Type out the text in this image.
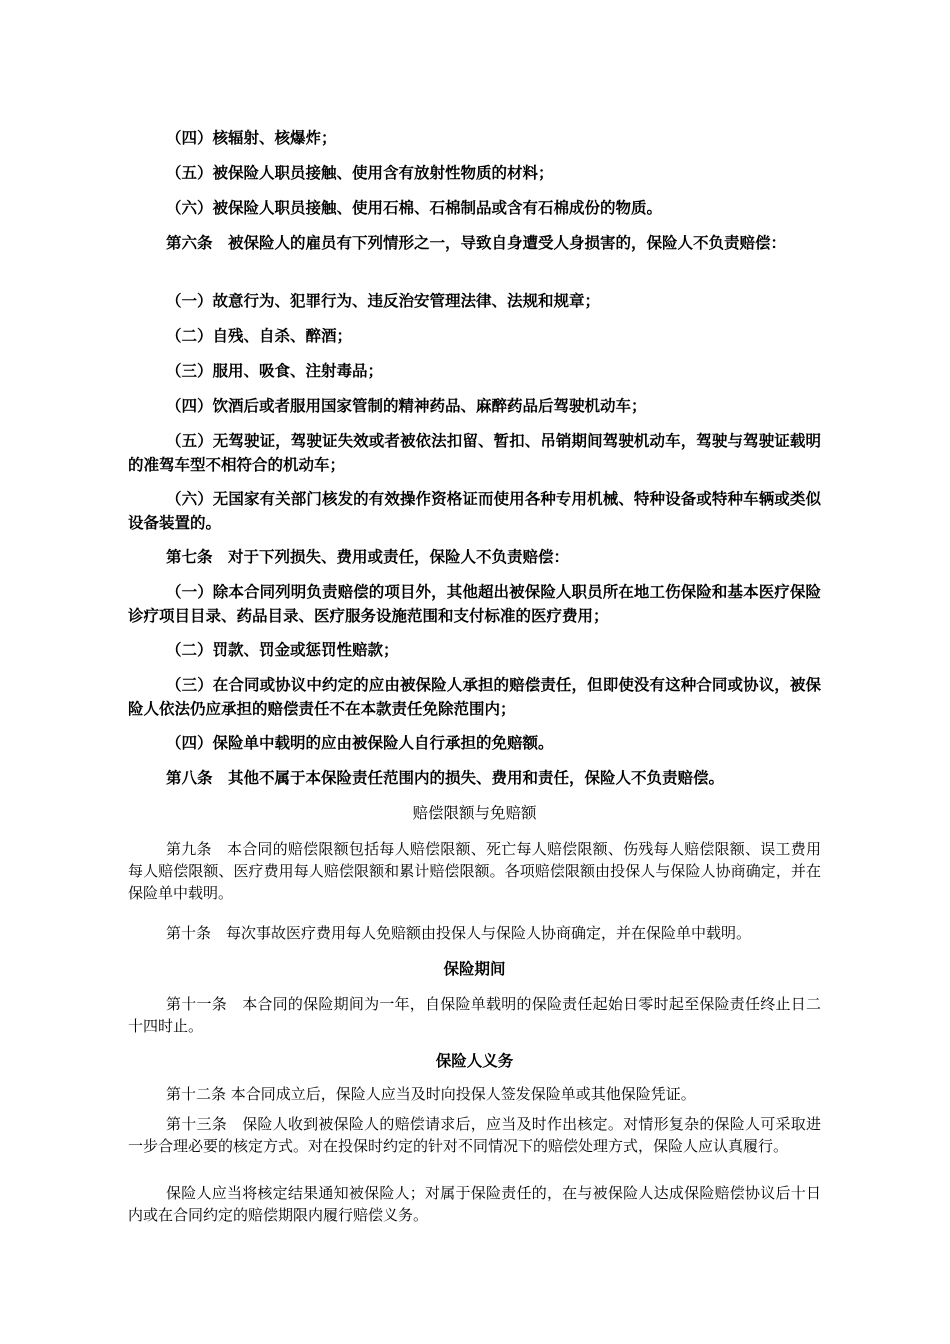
（四）核辐射、核爆炸；

（五）被保险人职员接触、使用含有放射性物质的材料；

（六）被保险人职员接触、使用石棉、石棉制品或含有石棉成份的物质。

第六条　被保险人的雇员有下列情形之一，导致自身遭受人身损害的，保险人不负责赔偿：

（一）故意行为、犯罪行为、违反治安管理法律、法规和规章；

（二）自残、自杀、醉酒；

（三）服用、吸食、注射毒品；

（四）饮酒后或者服用国家管制的精神药品、麻醉药品后驾驶机动车；

（五）无驾驶证，驾驶证失效或者被依法扣留、暂扣、吊销期间驾驶机动车，驾驶与驾驶证载明的准驾车型不相符合的机动车；

（六）无国家有关部门核发的有效操作资格证而使用各种专用机械、特种设备或特种车辆或类似设备装置的。

第七条　对于下列损失、费用或责任，保险人不负责赔偿：

（一）除本合同列明负责赔偿的项目外，其他超出被保险人职员所在地工伤保险和基本医疗保险诊疗项目目录、药品目录、医疗服务设施范围和支付标准的医疗费用；

（二）罚款、罚金或惩罚性赔款；

（三）在合同或协议中约定的应由被保险人承担的赔偿责任，但即使没有这种合同或协议，被保险人依法仍应承担的赔偿责任不在本款责任免除范围内；

（四）保险单中载明的应由被保险人自行承担的免赔额。

第八条　其他不属于本保险责任范围内的损失、费用和责任，保险人不负责赔偿。

赔偿限额与免赔额

第九条　本合同的赔偿限额包括每人赔偿限额、死亡每人赔偿限额、伤残每人赔偿限额、误工费用每人赔偿限额、医疗费用每人赔偿限额和累计赔偿限额。各项赔偿限额由投保人与保险人协商确定，并在保险单中载明。

第十条　每次事故医疗费用每人免赔额由投保人与保险人协商确定，并在保险单中载明。

保险期间

第十一条　本合同的保险期间为一年，自保险单载明的保险责任起始日零时起至保险责任终止日二十四时止。

保险人义务

第十二条 本合同成立后，保险人应当及时向投保人签发保险单或其他保险凭证。

第十三条　保险人收到被保险人的赔偿请求后，应当及时作出核定。对情形复杂的保险人可采取进一步合理必要的核定方式。对在投保时约定的针对不同情况下的赔偿处理方式，保险人应认真履行。

保险人应当将核定结果通知被保险人；对属于保险责任的，在与被保险人达成保险赔偿协议后十日内或在合同约定的赔偿期限内履行赔偿义务。
